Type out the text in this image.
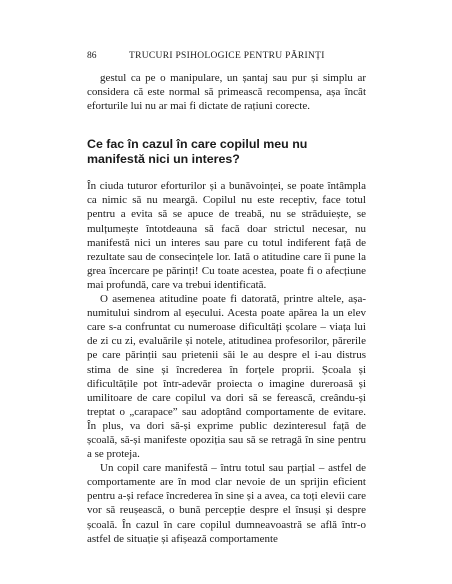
86	TRUCURI PSIHOLOGICE PENTRU PĂRINȚI

gestul ca pe o manipulare, un șantaj sau pur și simplu ar considera că este normal să primească recompensa, așa încât eforturile lui nu ar mai fi dictate de rațiuni corecte.

Ce fac în cazul în care copilul meu nu manifestă nici un interes?

În ciuda tuturor eforturilor și a bunăvoinței, se poate întâmpla ca nimic să nu meargă. Copilul nu este receptiv, face totul pentru a evita să se apuce de treabă, nu se străduiește, se mulțumește întotdeauna să facă doar strictul necesar, nu manifestă nici un interes sau pare cu totul indiferent față de rezultate sau de consecințele lor. Iată o atitudine care îi pune la grea încercare pe părinți! Cu toate acestea, poate fi o afecțiune mai profundă, care va trebui identificată.

O asemenea atitudine poate fi datorată, printre altele, așa-numitului sindrom al eșecului. Acesta poate apărea la un elev care s-a confruntat cu numeroase dificultăți școlare – viața lui de zi cu zi, evaluările și notele, atitudinea profesorilor, părerile pe care părinții sau prietenii săi le au despre el i-au distrus stima de sine și încrederea în forțele proprii. Școala și dificultățile pot într-adevăr proiecta o imagine dureroasă și umilitoare de care copilul va dori să se ferească, creându-și treptat o „carapace” sau adoptând comportamente de evitare. În plus, va dori să-și exprime public dezinteresul față de școală, să-și manifeste opoziția sau să se retragă în sine pentru a se proteja.

Un copil care manifestă – întru totul sau parțial – astfel de comportamente are în mod clar nevoie de un sprijin eficient pentru a-și reface încrederea în sine și a avea, ca toți elevii care vor să reușească, o bună percepție despre el însuși și despre școală. În cazul în care copilul dumneavoastră se află într-o astfel de situație și afișează comportamente
